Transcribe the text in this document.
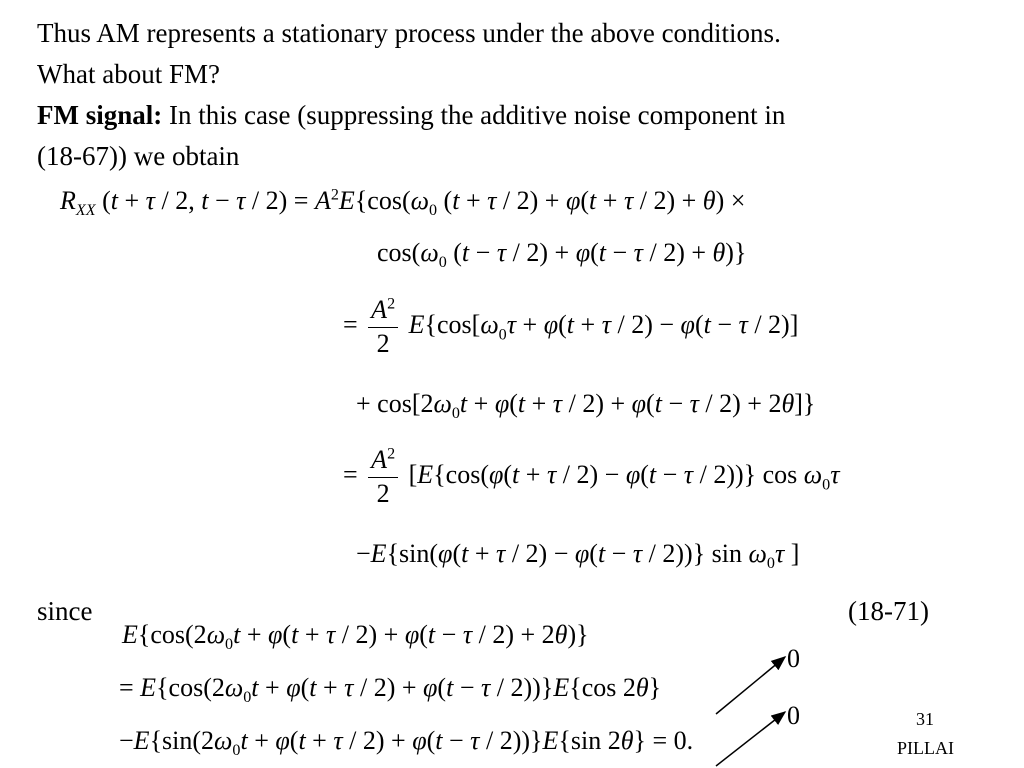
Thus AM represents a stationary process under the above conditions.
What about FM?
FM signal: In this case (suppressing the additive noise component in
(18-67)) we obtain
$R_{XX}$ (t + τ / 2, $t - \tau / 2) = A^2E\{\cos(\omega_0$ (t + τ / 2) + φ(t + τ / 2) + θ) ×
$\cos(\omega_0$ (t − τ / 2) + φ(t − τ / 2) + θ)}
= $\frac{A^2}{2} E\{\cos[\omega_0\tau + \varphi(t + \tau / 2) - \varphi(t - \tau / 2)]$
+ $\cos[2\omega_0t + \varphi(t + \tau / 2) + \varphi(t - \tau / 2) + 2\theta]$}
= $\frac{A^2}{2} [E\{\cos(\varphi(t + \tau / 2) - \varphi(t - \tau / 2))\}$ $\cos \omega_0\tau$
−E{sin(φ(t + τ / 2) − φ(t − τ / 2))} $\sin \omega_0\tau$ ]
since	(18-71)
$E\{\cos(2\omega_0t + \varphi(t + \tau / 2) + \varphi(t - \tau / 2) + 2\theta)\}$
= $E\{\cos(2\omega_0t + \varphi(t + \tau / 2) + \varphi(t - \tau / 2))\}E\{\cos$ 2θ}
$-E\{\sin(2\omega_0t + \varphi(t + \tau / 2) + \varphi(t - \tau / 2))\}E\{\sin$ 2θ} = 0.
0
0	31
PILLAI
